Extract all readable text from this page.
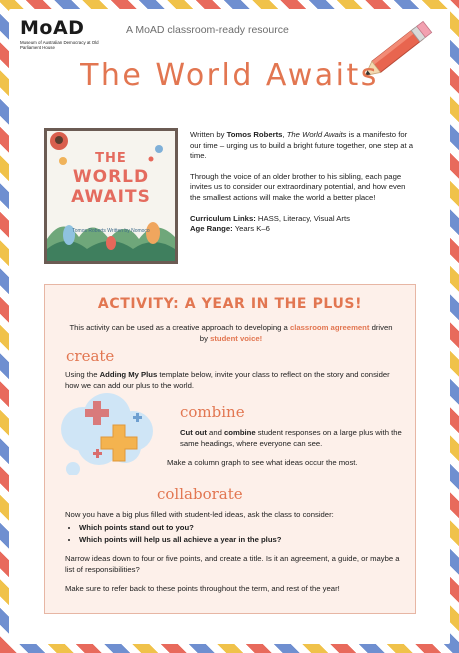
MoAD
Museum of Australian Democracy at Old Parliament House
A MoAD classroom-ready resource
The World Awaits
THE
WORLD
AWAITS
Tomos Roberts Written by Nomoco

Written by Tomos Roberts, The World Awaits is a manifesto for our time – urging us to build a bright future together, one step at a time.

Through the voice of an older brother to his sibling, each page invites us to consider our extraordinary potential, and how even the smallest actions will make the world a better place!

Curriculum Links: HASS, Literacy, Visual Arts

Age Range: Years K–6

ACTIVITY: A YEAR IN THE PLUS!
This activity can be used as a creative approach to developing a classroom agreement driven by student voice!
create
Using the Adding My Plus template below, invite your class to reflect on the story and consider how we can add our plus to the world.
combine
Cut out and combine student responses on a large plus with the same headings, where everyone can see.
Make a column graph to see what ideas occur the most.
collaborate
Now you have a big plus filled with student-led ideas, ask the class to consider:
• Which points stand out to you?
• Which points will help us all achieve a year in the plus?
Narrow ideas down to four or five points, and create a title. Is it an agreement, a guide, or maybe a list of responsibilities?
Make sure to refer back to these points throughout the term, and rest of the year!
